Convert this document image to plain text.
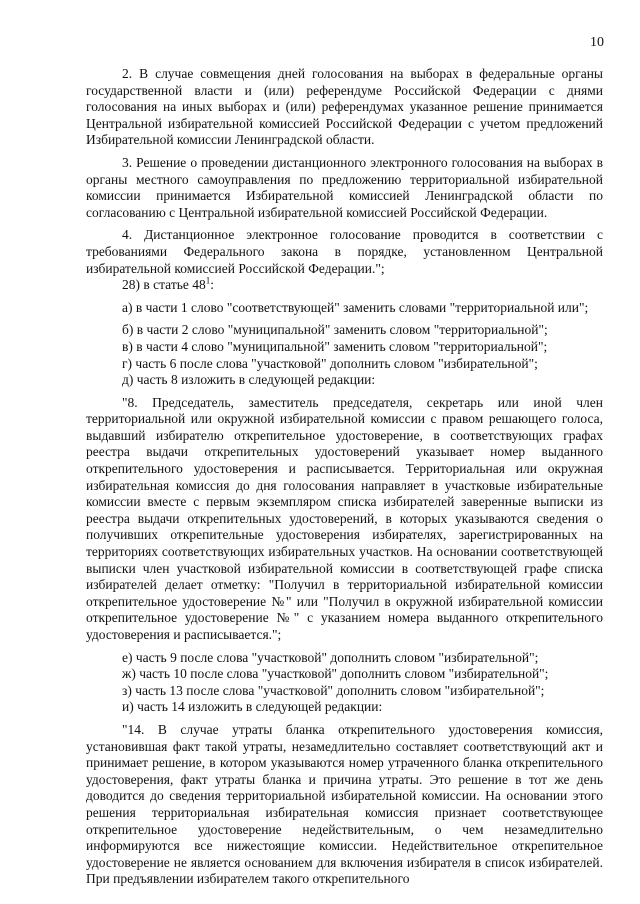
10

2. В случае совмещения дней голосования на выборах в федеральные органы государственной власти и (или) референдуме Российской Федерации с днями голосования на иных выборах и (или) референдумах указанное решение принимается Центральной избирательной комиссией Российской Федерации с учетом предложений Избирательной комиссии Ленинградской области.

3. Решение о проведении дистанционного электронного голосования на выборах в органы местного самоуправления по предложению территориальной избирательной комиссии принимается Избирательной комиссией Ленинградской области по согласованию с Центральной избирательной комиссией Российской Федерации.

4. Дистанционное электронное голосование проводится в соответствии с требованиями Федерального закона в порядке, установленном Центральной избирательной комиссией Российской Федерации.";

28) в статье $48^1$:

а) в части 1 слово "соответствующей" заменить словами "территориальной или";

б) в части 2 слово "муниципальной" заменить словом "территориальной";

в) в части 4 слово "муниципальной" заменить словом "территориальной";

г) часть 6 после слова "участковой" дополнить словом "избирательной";

д) часть 8 изложить в следующей редакции:

"8. Председатель, заместитель председателя, секретарь или иной член территориальной или окружной избирательной комиссии с правом решающего голоса, выдавший избирателю открепительное удостоверение, в соответствующих графах реестра выдачи открепительных удостоверений указывает номер выданного открепительного удостоверения и расписывается. Территориальная или окружная избирательная комиссия до дня голосования направляет в участковые избирательные комиссии вместе с первым экземпляром списка избирателей заверенные выписки из реестра выдачи открепительных удостоверений, в которых указываются сведения о получивших открепительные удостоверения избирателях, зарегистрированных на территориях соответствующих избирательных участков. На основании соответствующей выписки член участковой избирательной комиссии в соответствующей графе списка избирателей делает отметку: "Получил в территориальной избирательной комиссии открепительное удостоверение №" или "Получил в окружной избирательной комиссии открепительное удостоверение №" с указанием номера выданного открепительного удостоверения и расписывается.";

е) часть 9 после слова "участковой" дополнить словом "избирательной";

ж) часть 10 после слова "участковой" дополнить словом "избирательной";

з) часть 13 после слова "участковой" дополнить словом "избирательной";

и) часть 14 изложить в следующей редакции:

"14. В случае утраты бланка открепительного удостоверения комиссия, установившая факт такой утраты, незамедлительно составляет соответствующий акт и принимает решение, в котором указываются номер утраченного бланка открепительного удостоверения, факт утраты бланка и причина утраты. Это решение в тот же день доводится до сведения территориальной избирательной комиссии. На основании этого решения территориальная избирательная комиссия признает соответствующее открепительное удостоверение недействительным, о чем незамедлительно информируются все нижестоящие комиссии. Недействительное открепительное удостоверение не является основанием для включения избирателя в список избирателей. При предъявлении избирателем такого открепительного
